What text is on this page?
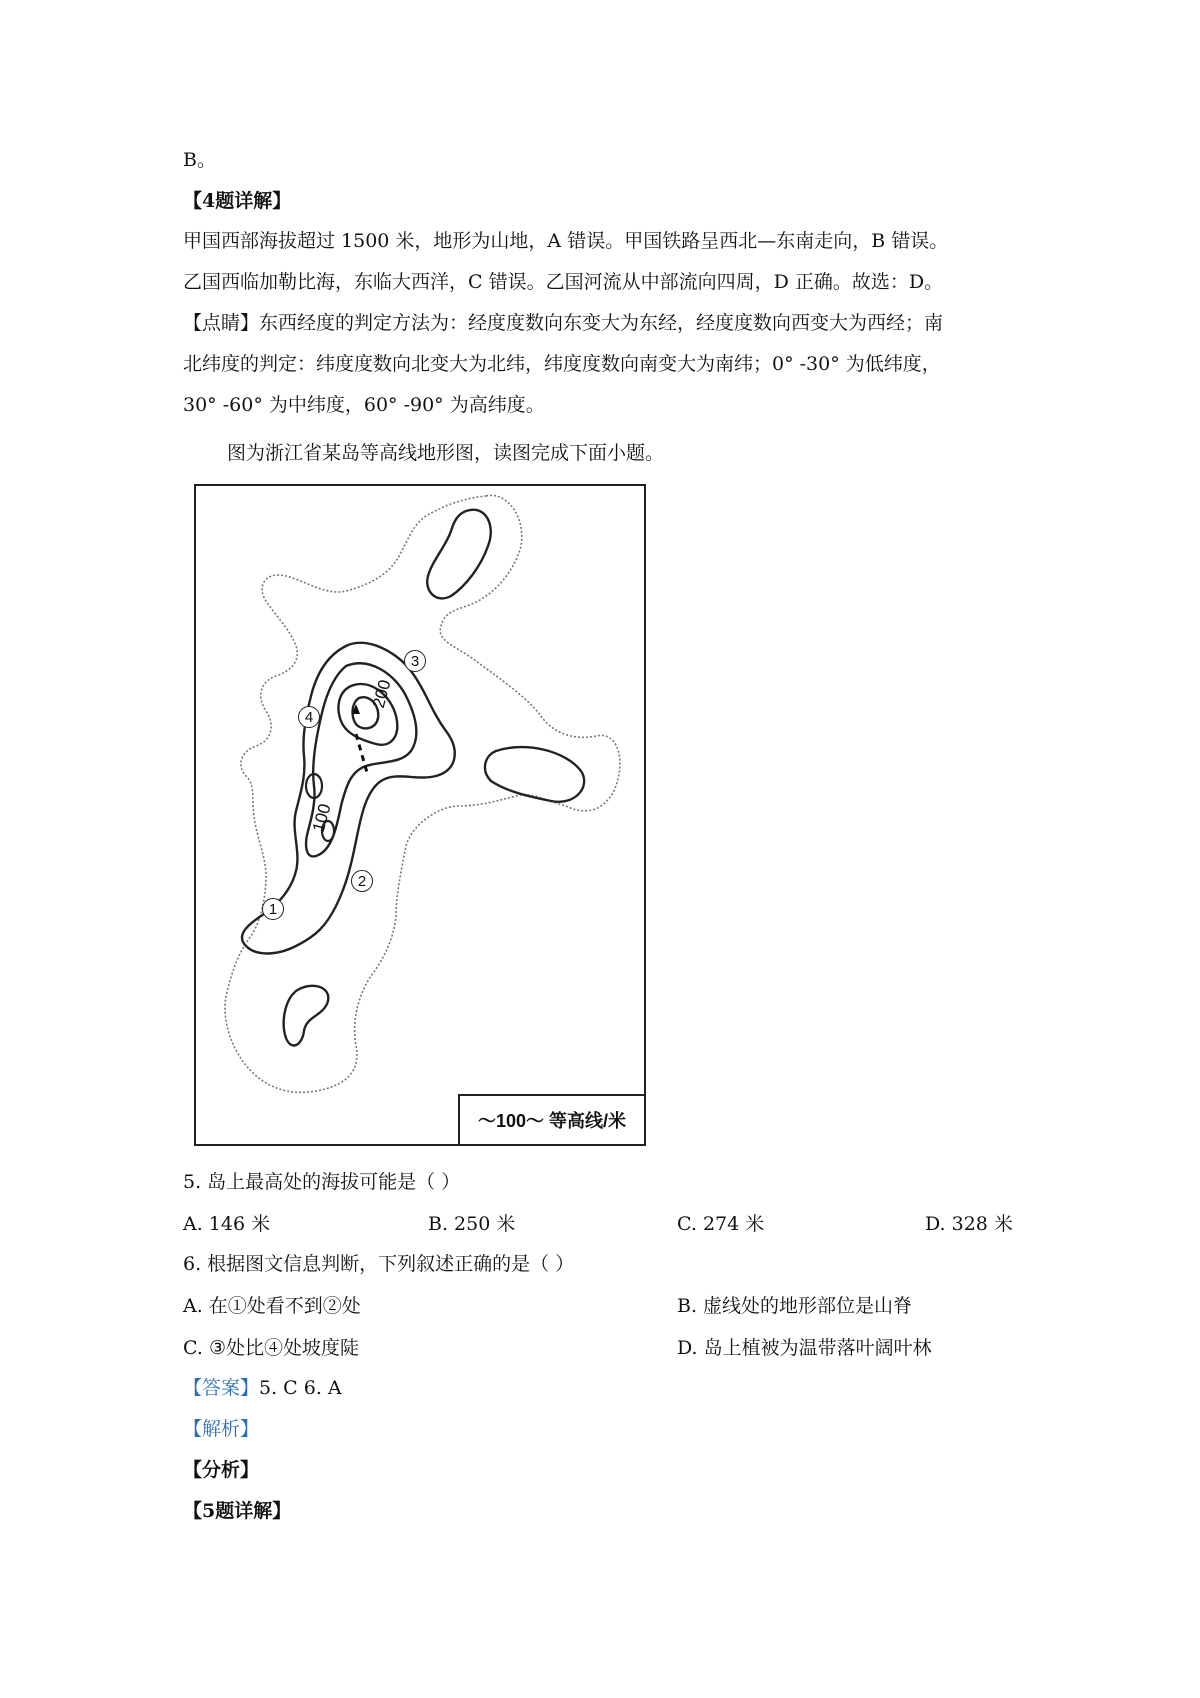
B。
【4题详解】
甲国西部海拔超过 1500 米，地形为山地，A 错误。甲国铁路呈西北—东南走向，B 错误。
乙国西临加勒比海，东临大西洋，C 错误。乙国河流从中部流向四周，D 正确。故选：D。
【点睛】东西经度的判定方法为：经度度数向东变大为东经，经度度数向西变大为西经；南
北纬度的判定：纬度度数向北变大为北纬，纬度度数向南变大为南纬；0° -30° 为低纬度，
30° -60° 为中纬度，60° -90° 为高纬度。
图为浙江省某岛等高线地形图，读图完成下面小题。
200
100
3
4
2
1
〜100〜 等高线/米
5. 岛上最高处的海拔可能是（ ）
A. 146 米	B. 250 米	C. 274 米	D. 328 米
6. 根据图文信息判断，下列叙述正确的是（ ）
A. 在①处看不到②处	B. 虚线处的地形部位是山脊
C. ③处比④处坡度陡	D. 岛上植被为温带落叶阔叶林
【答案】5. C 6. A
【解析】
【分析】
【5题详解】
